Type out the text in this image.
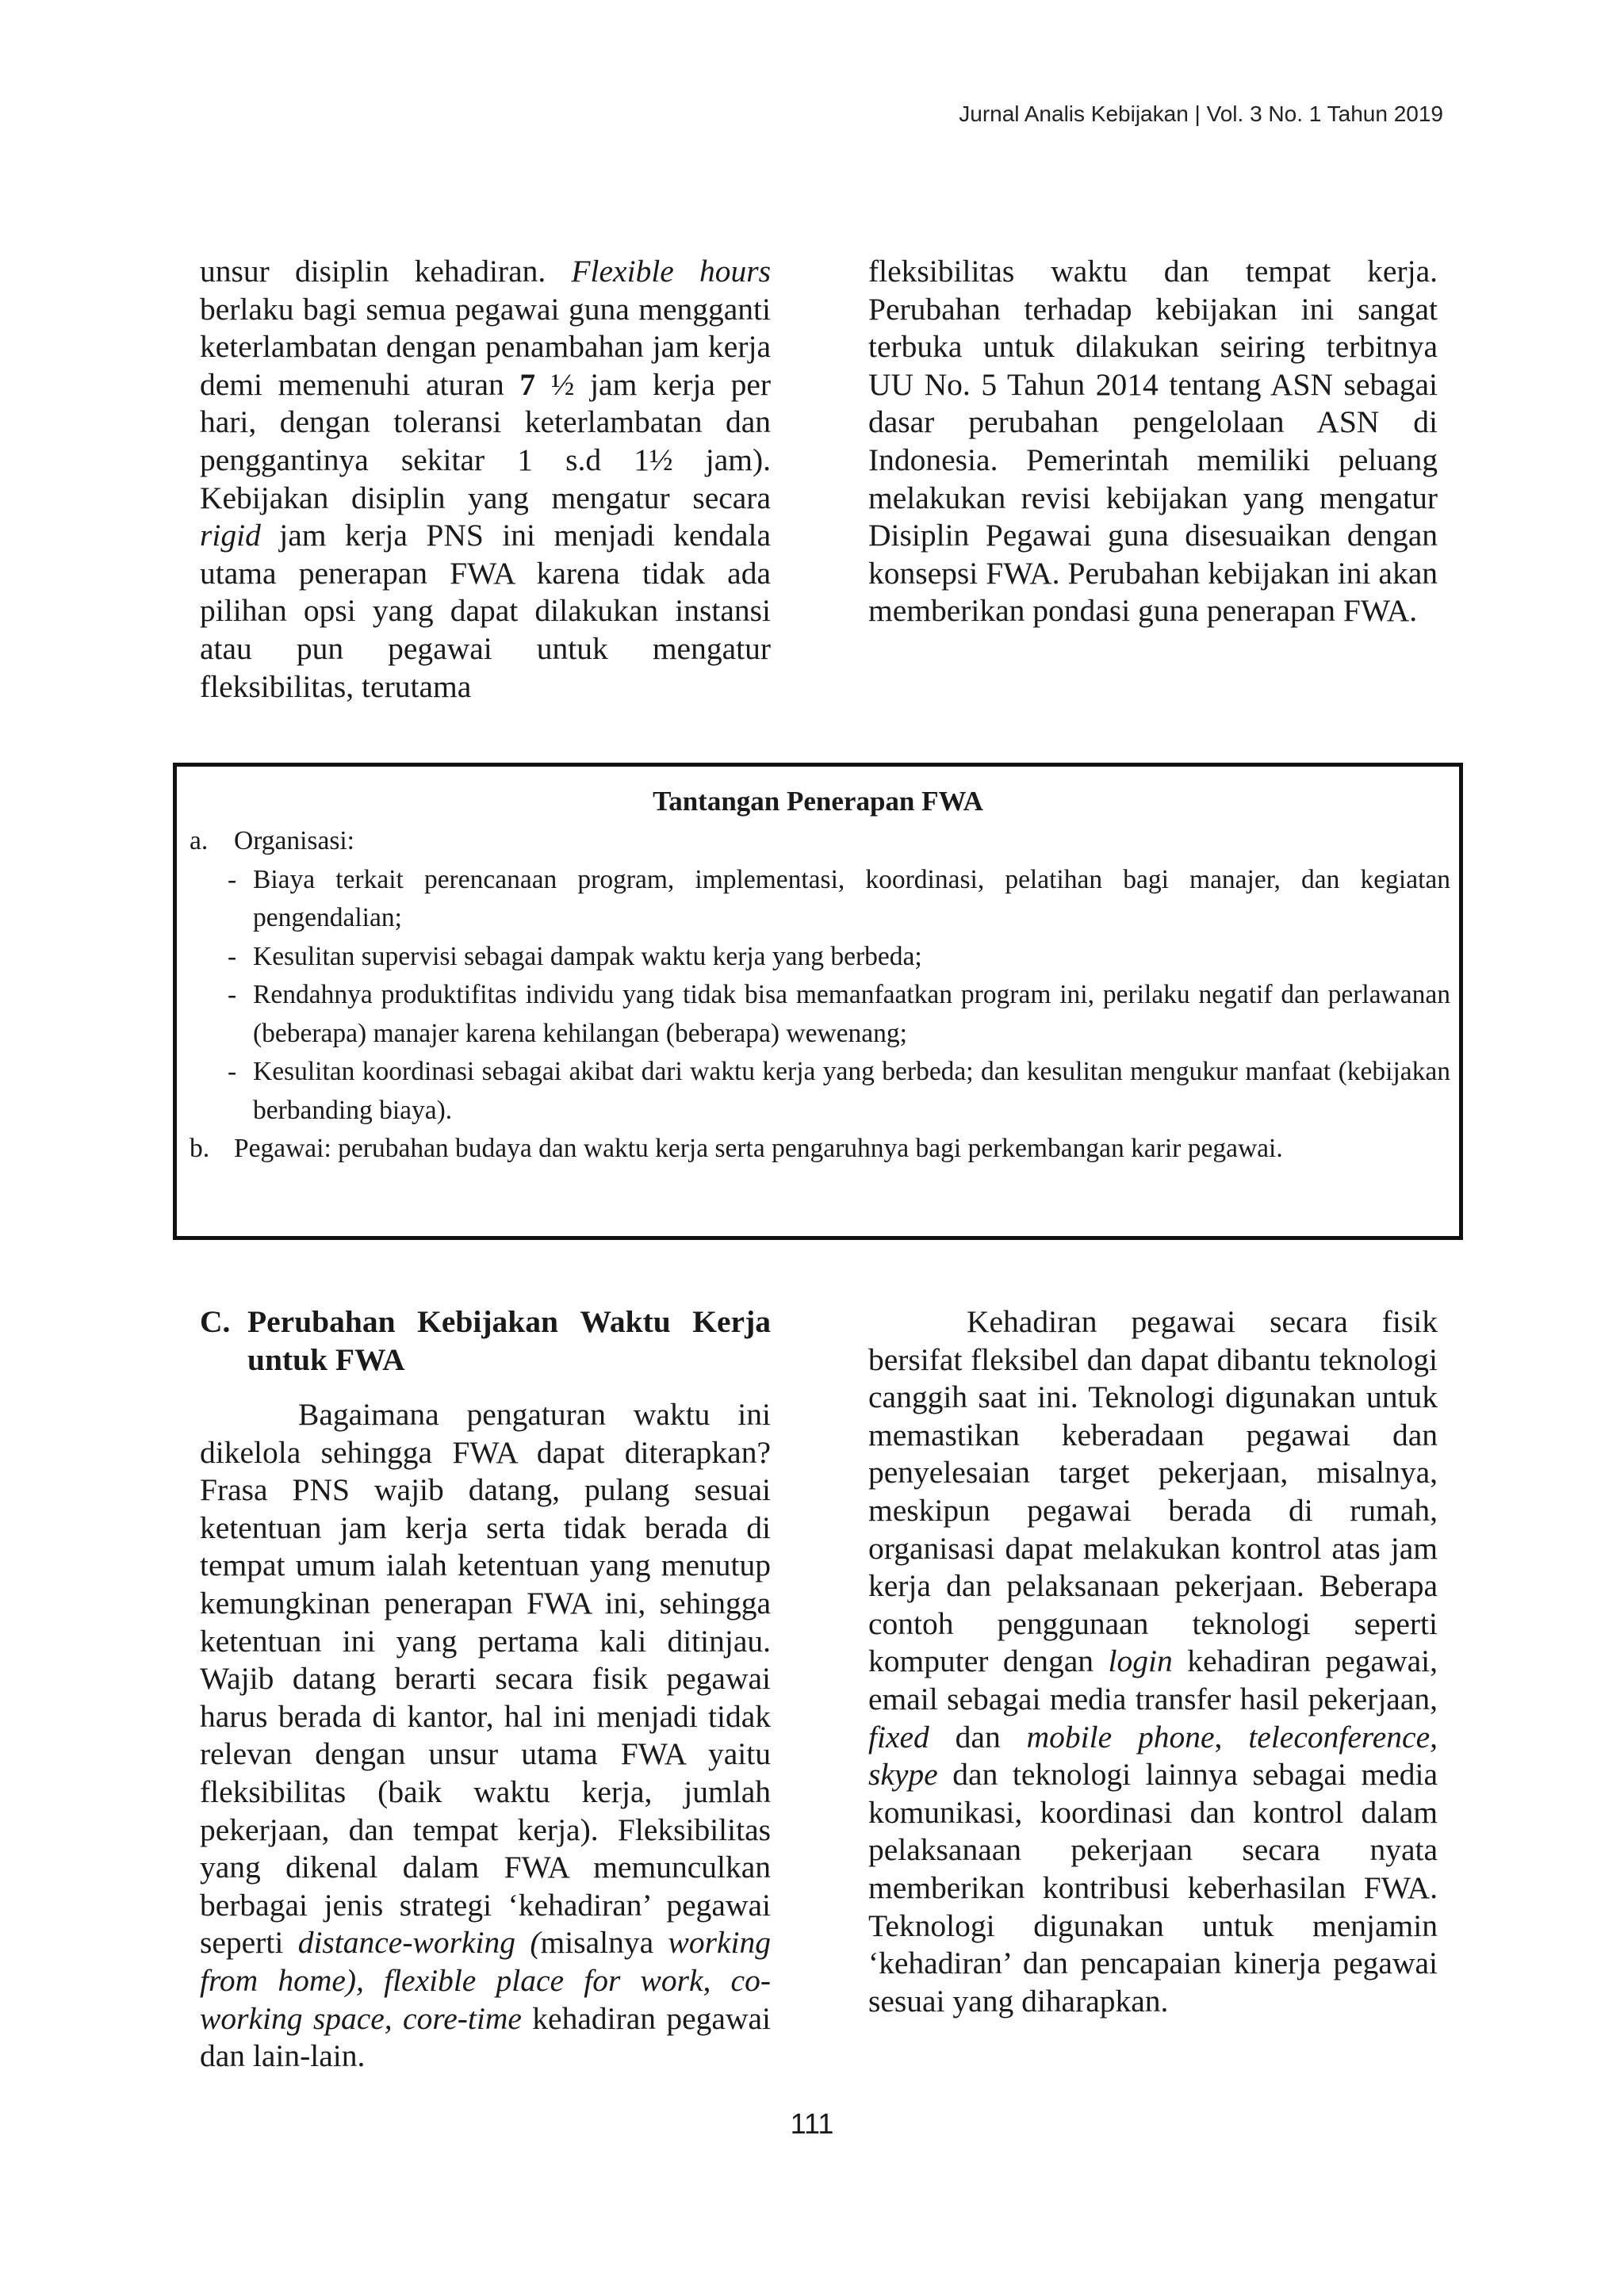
Jurnal Analis Kebijakan | Vol. 3 No. 1 Tahun 2019

unsur disiplin kehadiran. Flexible hours berlaku bagi semua pegawai guna mengganti keterlambatan dengan penambahan jam kerja demi memenuhi aturan 7 ½ jam kerja per hari, dengan toleransi keterlambatan dan penggantinya sekitar 1 s.d 1½ jam). Kebijakan disiplin yang mengatur secara rigid jam kerja PNS ini menjadi kendala utama penerapan FWA karena tidak ada pilihan opsi yang dapat dilakukan instansi atau pun pegawai untuk mengatur fleksibilitas, terutama

fleksibilitas waktu dan tempat kerja. Perubahan terhadap kebijakan ini sangat terbuka untuk dilakukan seiring terbitnya UU No. 5 Tahun 2014 tentang ASN sebagai dasar perubahan pengelolaan ASN di Indonesia. Pemerintah memiliki peluang melakukan revisi kebijakan yang mengatur Disiplin Pegawai guna disesuaikan dengan konsepsi FWA. Perubahan kebijakan ini akan memberikan pondasi guna penerapan FWA.

Tantangan Penerapan FWA
a. Organisasi:
- Biaya terkait perencanaan program, implementasi, koordinasi, pelatihan bagi manajer, dan kegiatan pengendalian;
- Kesulitan supervisi sebagai dampak waktu kerja yang berbeda;
- Rendahnya produktifitas individu yang tidak bisa memanfaatkan program ini, perilaku negatif dan perlawanan (beberapa) manajer karena kehilangan (beberapa) wewenang;
- Kesulitan koordinasi sebagai akibat dari waktu kerja yang berbeda; dan kesulitan mengukur manfaat (kebijakan berbanding biaya).
b. Pegawai: perubahan budaya dan waktu kerja serta pengaruhnya bagi perkembangan karir pegawai.
C. Perubahan Kebijakan Waktu Kerja
untuk FWA

Bagaimana pengaturan waktu ini dikelola sehingga FWA dapat diterapkan? Frasa PNS wajib datang, pulang sesuai ketentuan jam kerja serta tidak berada di tempat umum ialah ketentuan yang menutup kemungkinan penerapan FWA ini, sehingga ketentuan ini yang pertama kali ditinjau. Wajib datang berarti secara fisik pegawai harus berada di kantor, hal ini menjadi tidak relevan dengan unsur utama FWA yaitu fleksibilitas (baik waktu kerja, jumlah pekerjaan, dan tempat kerja). Fleksibilitas yang dikenal dalam FWA memunculkan berbagai jenis strategi ‘kehadiran’ pegawai seperti distance-working (misalnya working from home), flexible place for work, co-working space, core-time kehadiran pegawai dan lain-lain.

Kehadiran pegawai secara fisik bersifat fleksibel dan dapat dibantu teknologi canggih saat ini. Teknologi digunakan untuk memastikan keberadaan pegawai dan penyelesaian target pekerjaan, misalnya, meskipun pegawai berada di rumah, organisasi dapat melakukan kontrol atas jam kerja dan pelaksanaan pekerjaan. Beberapa contoh penggunaan teknologi seperti komputer dengan login kehadiran pegawai, email sebagai media transfer hasil pekerjaan, fixed dan mobile phone, teleconference, skype dan teknologi lainnya sebagai media komunikasi, koordinasi dan kontrol dalam pelaksanaan pekerjaan secara nyata memberikan kontribusi keberhasilan FWA. Teknologi digunakan untuk menjamin ‘kehadiran’ dan pencapaian kinerja pegawai sesuai yang diharapkan.

111
